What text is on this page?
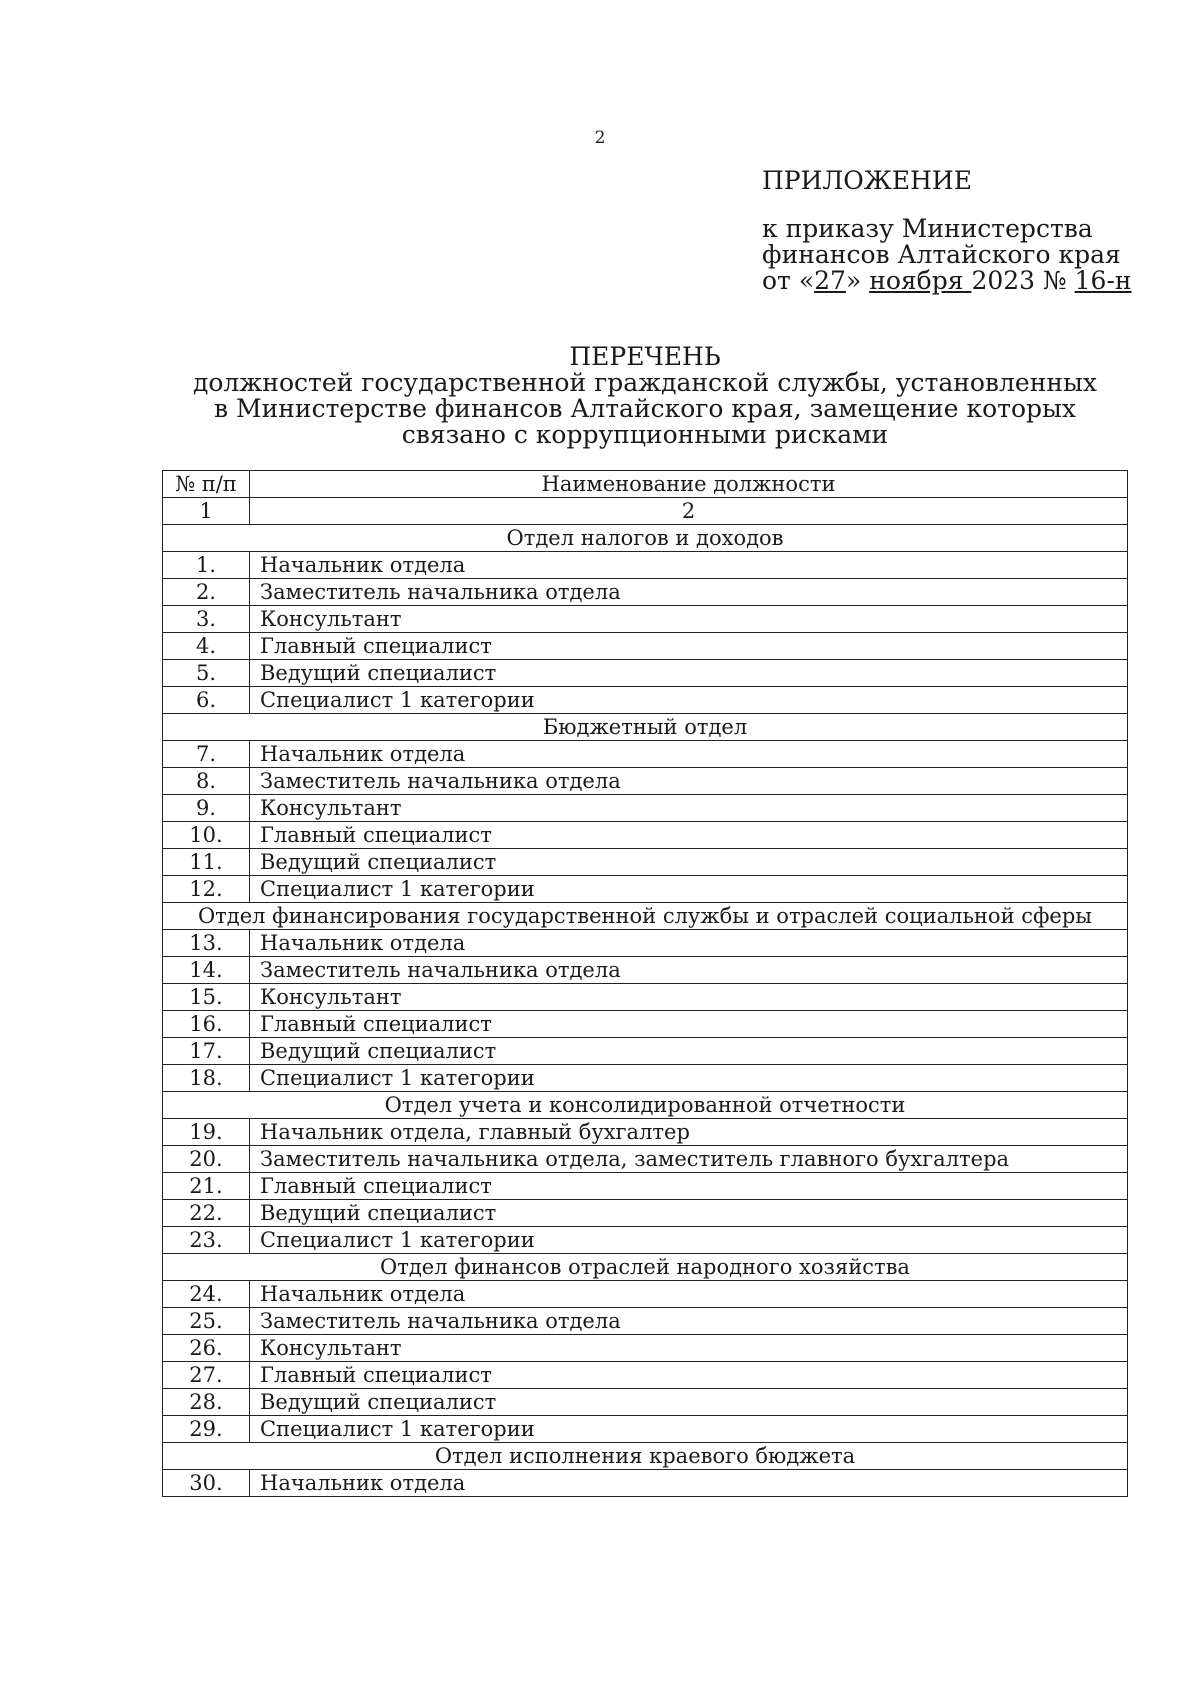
2
ПРИЛОЖЕНИЕ
к приказу Министерства
финансов Алтайского края
от «27» ноября 2023 № 16-н
ПЕРЕЧЕНЬ
должностей государственной гражданской службы, установленных
в Министерстве финансов Алтайского края, замещение которых
связано с коррупционными рисками
№ п/п	Наименование должности
1	2
Отдел налогов и доходов	
1.	Начальник отдела
2.	Заместитель начальника отдела
3.	Консультант
4.	Главный специалист
5.	Ведущий специалист
6.	Специалист 1 категории
Бюджетный отдел	
7.	Начальник отдела
8.	Заместитель начальника отдела
9.	Консультант
10.	Главный специалист
11.	Ведущий специалист
12.	Специалист 1 категории
Отдел финансирования государственной службы и отраслей социальной сферы	
13.	Начальник отдела
14.	Заместитель начальника отдела
15.	Консультант
16.	Главный специалист
17.	Ведущий специалист
18.	Специалист 1 категории
Отдел учета и консолидированной отчетности	
19.	Начальник отдела, главный бухгалтер
20.	Заместитель начальника отдела, заместитель главного бухгалтера
21.	Главный специалист
22.	Ведущий специалист
23.	Специалист 1 категории
Отдел финансов отраслей народного хозяйства	
24.	Начальник отдела
25.	Заместитель начальника отдела
26.	Консультант
27.	Главный специалист
28.	Ведущий специалист
29.	Специалист 1 категории
Отдел исполнения краевого бюджета	
30.	Начальник отдела
